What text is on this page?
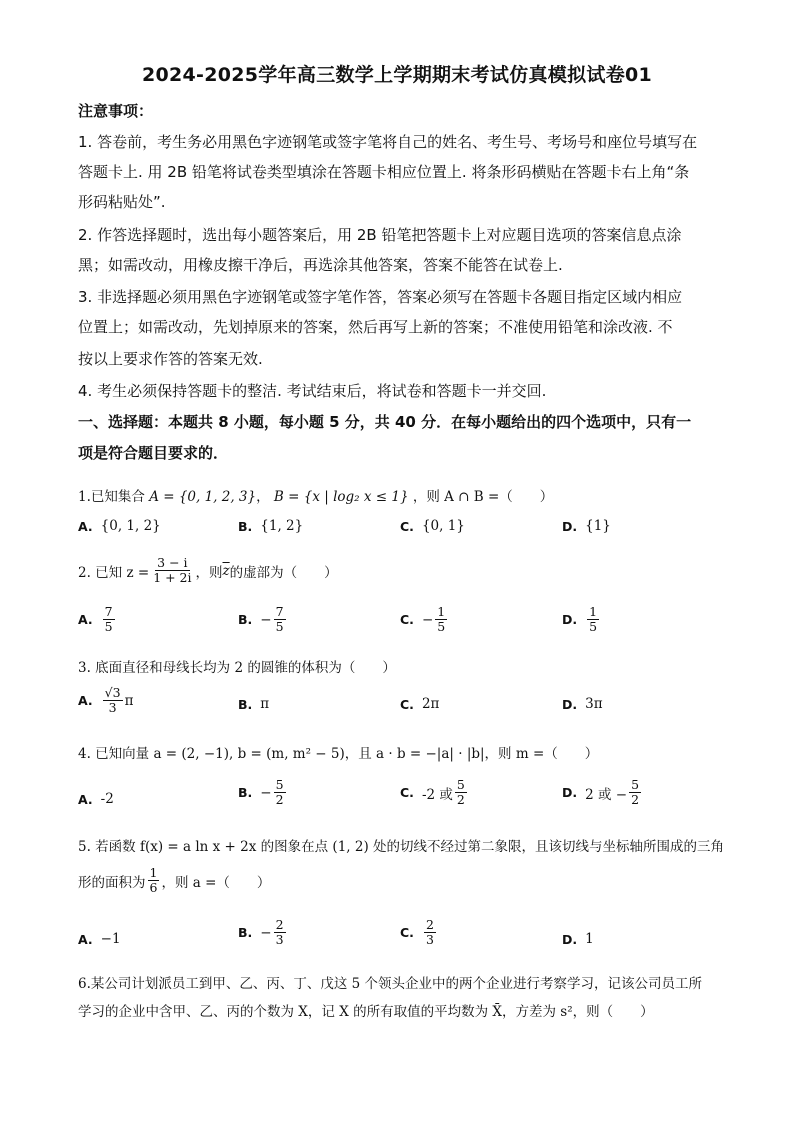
2024-2025学年高三数学上学期期末考试仿真模拟试卷01
注意事项：
1. 答卷前，考生务必用黑色字迹钢笔或签字笔将自己的姓名、考生号、考场号和座位号填写在
答题卡上. 用 2B 铅笔将试卷类型填涂在答题卡相应位置上. 将条形码横贴在答题卡右上角“条
形码粘贴处”.
2. 作答选择题时，选出每小题答案后，用 2B 铅笔把答题卡上对应题目选项的答案信息点涂
黑；如需改动，用橡皮擦干净后，再选涂其他答案，答案不能答在试卷上.
3. 非选择题必须用黑色字迹钢笔或签字笔作答，答案必须写在答题卡各题目指定区域内相应
位置上；如需改动，先划掉原来的答案，然后再写上新的答案；不准使用铅笔和涂改液. 不
按以上要求作答的答案无效.
4. 考生必须保持答题卡的整洁. 考试结束后，将试卷和答题卡一并交回.
一、选择题：本题共 8 小题，每小题 5 分，共 40 分．在每小题给出的四个选项中，只有一
项是符合题目要求的．
1.已知集合 A = {0, 1, 2, 3}， B = {x | log₂ x ≤ 1} ，则 A ∩ B =（　　）
A. {0, 1, 2}	B. {1, 2}	C. {0, 1}	D. {1}
2. 已知 $z = \frac{3 - i}{1 + 2i}$ ，则 $\overline{z}$ 的虚部为（　　）
A. $\frac{7}{5}$	B. − $\frac{7}{5}$	C. − $\frac{1}{5}$	D. $\frac{1}{5}$
3. 底面直径和母线长均为 2 的圆锥的体积为（　　）
A. $\frac{√3}{3}$ π	B. π	C. 2π	D. 3π
4. 已知向量 a = (2, −1), b = (m, m² − 5)，且 a · b = −|a| · |b|，则 m =（　　）
A. -2	B. − $\frac{5}{2}$	C. -2 或 $\frac{5}{2}$	D. 2 或 − $\frac{5}{2}$
5. 若函数 f(x) = a ln x + 2x 的图象在点 (1, 2) 处的切线不经过第二象限，且该切线与坐标轴所围成的三角
形的面积为 $\frac{1}{6}$ ，则 a =（　　）
A. −1	B. − $\frac{2}{3}$	C. $\frac{2}{3}$	D. 1
6.某公司计划派员工到甲、乙、丙、丁、戊这 5 个领头企业中的两个企业进行考察学习，记该公司员工所
学习的企业中含甲、乙、丙的个数为 X，记 X 的所有取值的平均数为 X̄，方差为 s²，则（　　）
